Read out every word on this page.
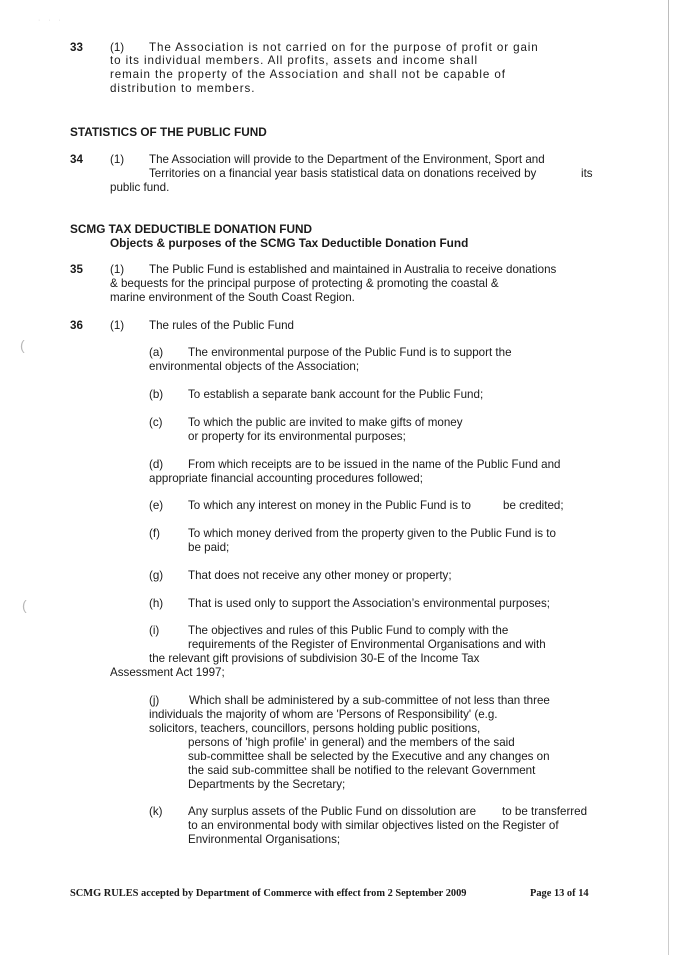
· · ·
(
(
33 (1) The Association is not carried on for the purpose of profit or gain
to its individual members. All profits, assets and income shall
remain the property of the Association and shall not be capable of
distribution to members.
STATISTICS OF THE PUBLIC FUND
34 (1) The Association will provide to the Department of the Environment, Sport and
Territories on a financial year basis statistical data on donations received by	its
public fund.
SCMG TAX DEDUCTIBLE DONATION FUND
Objects & purposes of the SCMG Tax Deductible Donation Fund
35 (1) The Public Fund is established and maintained in Australia to receive donations
& bequests for the principal purpose of protecting & promoting the coastal &
marine environment of the South Coast Region.
36 (1) The rules of the Public Fund
(a) The environmental purpose of the Public Fund is to support the
environmental objects of the Association;
(b) To establish a separate bank account for the Public Fund;
(c) To which the public are invited to make gifts of money
or property for its environmental purposes;
(d) From which receipts are to be issued in the name of the Public Fund and
appropriate financial accounting procedures followed;
(e) To which any interest on money in the Public Fund is to	be credited;
(f) To which money derived from the property given to the Public Fund is to
be paid;
(g) That does not receive any other money or property;
(h) That is used only to support the Association’s environmental purposes;
(i) The objectives and rules of this Public Fund to comply with the
requirements of the Register of Environmental Organisations and with
the relevant gift provisions of subdivision 30-E of the Income Tax
Assessment Act 1997;
(j)	Which shall be administered by a sub-committee of not less than three
individuals the majority of whom are 'Persons of Responsibility' (e.g.
solicitors, teachers, councillors, persons holding public positions,
persons of 'high profile' in general) and the members of the said
sub-committee shall be selected by the Executive and any changes on
the said sub-committee shall be notified to the relevant Government
Departments by the Secretary;
(k) Any surplus assets of the Public Fund on dissolution are to be transferred
to an environmental body with similar objectives listed on the Register of
Environmental Organisations;
SCMG RULES accepted by Department of Commerce with effect from 2 September 2009	Page 13 of 14
